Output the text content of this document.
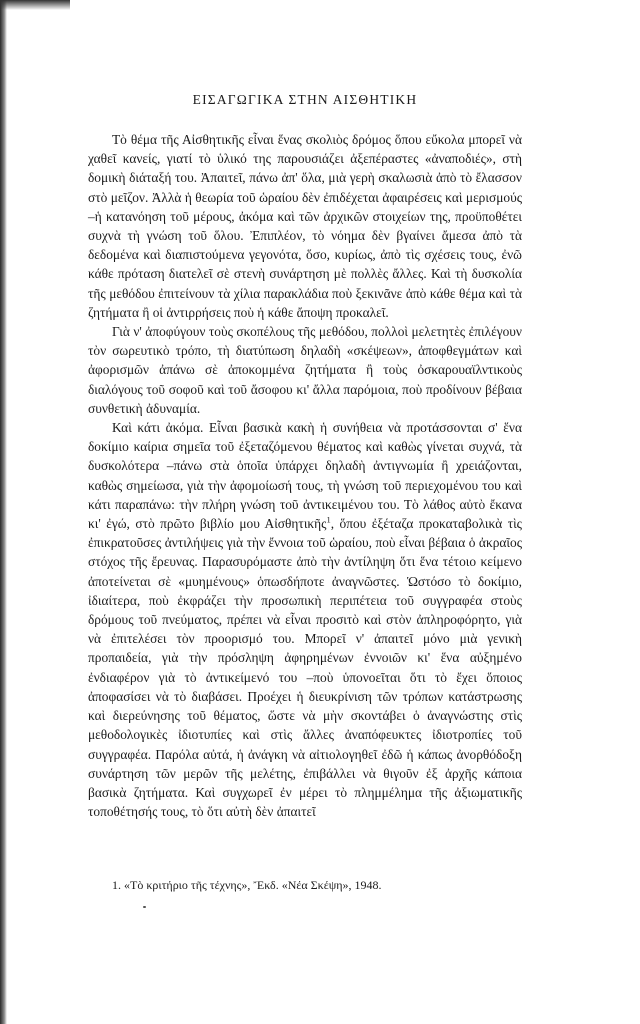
ΕΙΣΑΓΩΓΙΚΑ ΣΤΗΝ ΑΙΣΘΗΤΙΚΗ

Τὸ θέμα τῆς Αἰσθητικῆς εἶναι ἕνας σκολιὸς δρόμος ὅπου εὔκολα μπορεῖ νὰ χαθεῖ κανείς, γιατί τὸ ὑλικό της παρουσιάζει ἀξεπέραστες «ἀναποδιές», στὴ δομικὴ διάταξή του. Ἀπαιτεῖ, πάνω ἀπ' ὅλα, μιὰ γερὴ σκαλωσιὰ ἀπὸ τὸ ἔλασσον στὸ μεῖζον. Ἀλλὰ ἡ θεωρία τοῦ ὡραίου δὲν ἐπιδέχεται ἀφαιρέσεις καὶ μερισμούς –ἡ κατανόηση τοῦ μέρους, ἀκόμα καὶ τῶν ἀρχικῶν στοιχείων της, προϋποθέτει συχνὰ τὴ γνώση τοῦ ὅλου. Ἐπιπλέον, τὸ νόημα δὲν βγαίνει ἄμεσα ἀπὸ τὰ δεδομένα καὶ διαπιστούμενα γεγονότα, ὅσο, κυρίως, ἀπὸ τὶς σχέσεις τους, ἐνῶ κάθε πρόταση διατελεῖ σὲ στενὴ συνάρτηση μὲ πολλὲς ἄλλες. Καὶ τὴ δυσκολία τῆς μεθόδου ἐπιτείνουν τὰ χίλια παρακλάδια ποὺ ξεκινᾶνε ἀπὸ κάθε θέμα καὶ τὰ ζητήματα ἢ οἱ ἀντιρρήσεις ποὺ ἡ κάθε ἄποψη προκαλεῖ.

Γιὰ ν' ἀποφύγουν τοὺς σκοπέλους τῆς μεθόδου, πολλοὶ μελετητὲς ἐπιλέγουν τὸν σωρευτικὸ τρόπο, τὴ διατύπωση δηλαδὴ «σκέψεων», ἀποφθεγμάτων καὶ ἀφορισμῶν ἀπάνω σὲ ἀποκομμένα ζητήματα ἢ τοὺς ὀσκαρουαϊλντικοὺς διαλόγους τοῦ σοφοῦ καὶ τοῦ ἄσοφου κι' ἄλλα παρόμοια, ποὺ προδίνουν βέβαια συνθετικὴ ἀδυναμία.

Καὶ κάτι ἀκόμα. Εἶναι βασικὰ κακὴ ἡ συνήθεια νὰ προτάσσονται σ' ἕνα δοκίμιο καίρια σημεῖα τοῦ ἐξεταζόμενου θέματος καὶ καθὼς γίνεται συχνά, τὰ δυσκολότερα –πάνω στὰ ὁποῖα ὑπάρχει δηλαδὴ ἀντιγνωμία ἢ χρειάζονται, καθὼς σημείωσα, γιὰ τὴν ἀφομοίωσή τους, τὴ γνώση τοῦ περιεχομένου του καὶ κάτι παραπάνω: τὴν πλήρη γνώση τοῦ ἀντικειμένου του. Τὸ λάθος αὐτὸ ἔκανα κι' ἐγώ, στὸ πρῶτο βιβλίο μου Αἰσθητικῆς$^1$, ὅπου ἐξέταζα προκαταβολικὰ τὶς ἐπικρατοῦσες ἀντιλήψεις γιὰ τὴν ἔννοια τοῦ ὡραίου, ποὺ εἶναι βέβαια ὁ ἀκραῖος στόχος τῆς ἔρευνας. Παρασυρόμαστε ἀπὸ τὴν ἀντίληψη ὅτι ἕνα τέτοιο κείμενο ἀποτείνεται σὲ «μυημένους» ὁπωσδήποτε ἀναγνῶστες. Ὡστόσο τὸ δοκίμιο, ἰδιαίτερα, ποὺ ἐκφράζει τὴν προσωπικὴ περιπέτεια τοῦ συγγραφέα στοὺς δρόμους τοῦ πνεύματος, πρέπει νὰ εἶναι προσιτὸ καὶ στὸν ἀπληροφόρητο, γιὰ νὰ ἐπιτελέσει τὸν προορισμό του. Μπορεῖ ν' ἀπαιτεῖ μόνο μιὰ γενικὴ προπαιδεία, γιὰ τὴν πρόσληψη ἀφηρημένων ἐννοιῶν κι' ἕνα αὐξημένο ἐνδιαφέρον γιὰ τὸ ἀντικείμενό του –ποὺ ὑπονοεῖται ὅτι τὸ ἔχει ὅποιος ἀποφασίσει νὰ τὸ διαβάσει. Προέχει ἡ διευκρίνιση τῶν τρόπων κατάστρωσης καὶ διερεύνησης τοῦ θέματος, ὥστε νὰ μὴν σκοντάβει ὁ ἀναγνώστης στὶς μεθοδολογικὲς ἰδιοτυπίες καὶ στὶς ἄλλες ἀναπόφευκτες ἰδιοτροπίες τοῦ συγγραφέα. Παρόλα αὐτά, ἡ ἀνάγκη νὰ αἰτιολογηθεῖ ἐδῶ ἡ κάπως ἀνορθόδοξη συνάρτηση τῶν μερῶν τῆς μελέτης, ἐπιβάλλει νὰ θιγοῦν ἐξ ἀρχῆς κάποια βασικὰ ζητήματα. Καὶ συγχωρεῖ ἐν μέρει τὸ πλημμέλημα τῆς ἀξιωματικῆς τοποθέτησής τους, τὸ ὅτι αὐτὴ δὲν ἀπαιτεῖ

1. «Τὸ κριτήριο τῆς τέχνης», Ἔκδ. «Νέα Σκέψη», 1948.
